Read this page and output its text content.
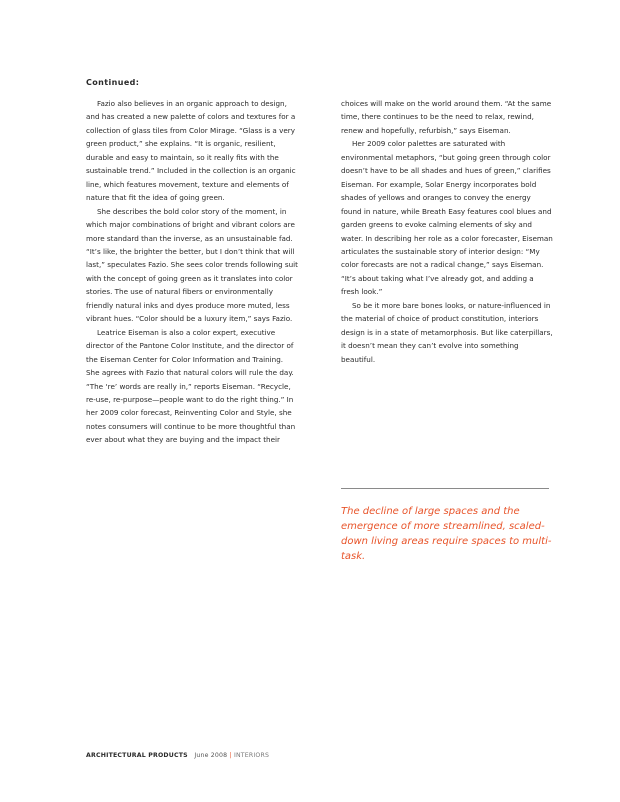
Continued:

Fazio also believes in an organic approach to design, and has created a new palette of colors and textures for a collection of glass tiles from Color Mirage. “Glass is a very green product,” she explains. “It is organic, resilient, durable and easy to maintain, so it really fits with the sustainable trend.” Included in the collection is an organic line, which features movement, texture and elements of nature that fit the idea of going green.

She describes the bold color story of the moment, in which major combinations of bright and vibrant colors are more standard than the inverse, as an unsustainable fad. “It’s like, the brighter the better, but I don’t think that will last,” speculates Fazio. She sees color trends following suit with the concept of going green as it translates into color stories. The use of natural fibers or environmentally friendly natural inks and dyes produce more muted, less vibrant hues. “Color should be a luxury item,” says Fazio.

Leatrice Eiseman is also a color expert, executive director of the Pantone Color Institute, and the director of the Eiseman Center for Color Information and Training. She agrees with Fazio that natural colors will rule the day. “The ‘re’ words are really in,” reports Eiseman. “Recycle, re-use, re-purpose—people want to do the right thing.” In her 2009 color forecast, Reinventing Color and Style, she notes consumers will continue to be more thoughtful than ever about what they are buying and the impact their

choices will make on the world around them. “At the same time, there continues to be the need to relax, rewind, renew and hopefully, refurbish,” says Eiseman.

Her 2009 color palettes are saturated with environmental metaphors, “but going green through color doesn’t have to be all shades and hues of green,” clarifies Eiseman. For example, Solar Energy incorporates bold shades of yellows and oranges to convey the energy found in nature, while Breath Easy features cool blues and garden greens to evoke calming elements of sky and water. In describing her role as a color forecaster, Eiseman articulates the sustainable story of interior design: “My color forecasts are not a radical change,” says Eiseman. “It’s about taking what I’ve already got, and adding a fresh look.”

So be it more bare bones looks, or nature-influenced in the material of choice of product constitution, interiors design is in a state of metamorphosis. But like caterpillars, it doesn’t mean they can’t evolve into something beautiful.

The decline of large spaces and the emergence of more streamlined, scaled-down living areas require spaces to multi-task.
ARCHITECTURAL PRODUCTS June 2008 | INTERIORS
